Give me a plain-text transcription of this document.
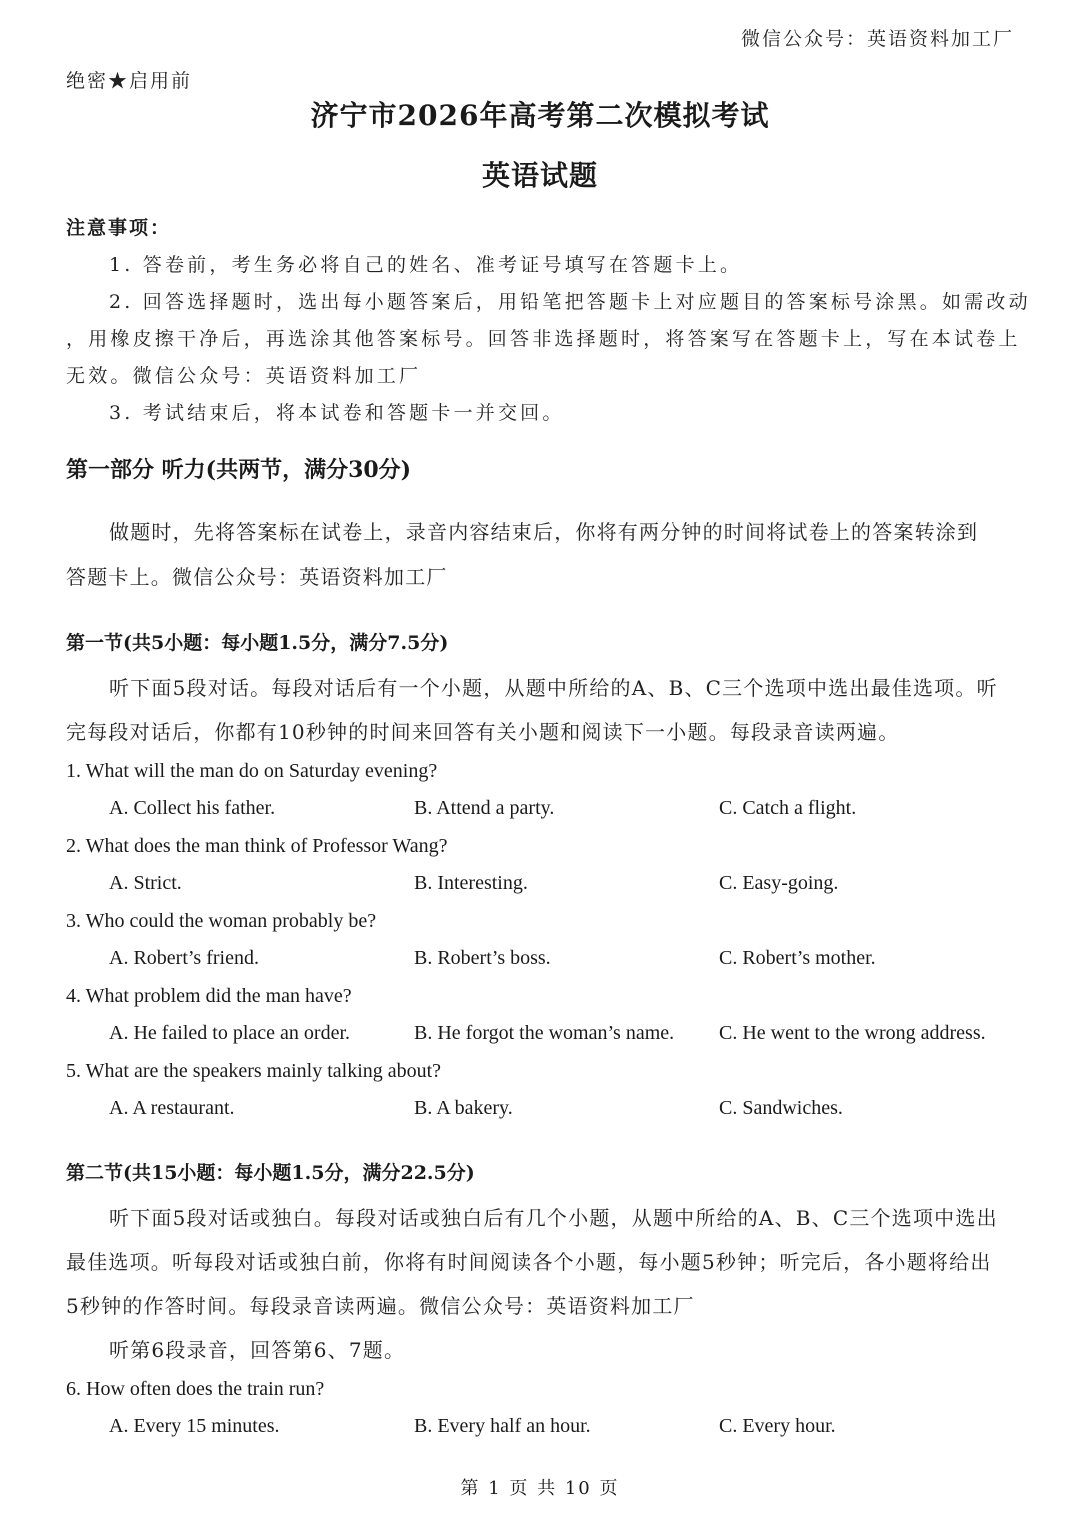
微信公众号：英语资料加工厂
绝密★启用前
济宁市2026年高考第二次模拟考试
英语试题
注意事项：
1. 答卷前，考生务必将自己的姓名、准考证号填写在答题卡上。
2. 回答选择题时，选出每小题答案后，用铅笔把答题卡上对应题目的答案标号涂黑。如需改动
，用橡皮擦干净后，再选涂其他答案标号。回答非选择题时，将答案写在答题卡上，写在本试卷上
无效。微信公众号：英语资料加工厂
3. 考试结束后，将本试卷和答题卡一并交回。
第一部分 听力(共两节，满分30分)
做题时，先将答案标在试卷上，录音内容结束后，你将有两分钟的时间将试卷上的答案转涂到
答题卡上。微信公众号：英语资料加工厂
第一节(共5小题：每小题1.5分，满分7.5分)
听下面5段对话。每段对话后有一个小题，从题中所给的A、B、C三个选项中选出最佳选项。听
完每段对话后，你都有10秒钟的时间来回答有关小题和阅读下一小题。每段录音读两遍。
1. What will the man do on Saturday evening?
A. Collect his father.	B. Attend a party.	C. Catch a flight.
2. What does the man think of Professor Wang?
A. Strict.	B. Interesting.	C. Easy-going.
3. Who could the woman probably be?
A. Robert’s friend.	B. Robert’s boss.	C. Robert’s mother.
4. What problem did the man have?
A. He failed to place an order.	B. He forgot the woman’s name. C. He went to the wrong address.
5. What are the speakers mainly talking about?
A. A restaurant.	B. A bakery.	C. Sandwiches.
第二节(共15小题：每小题1.5分，满分22.5分)
听下面5段对话或独白。每段对话或独白后有几个小题，从题中所给的A、B、C三个选项中选出
最佳选项。听每段对话或独白前，你将有时间阅读各个小题，每小题5秒钟；听完后，各小题将给出
5秒钟的作答时间。每段录音读两遍。微信公众号：英语资料加工厂
听第6段录音，回答第6、7题。
6. How often does the train run?
A. Every 15 minutes.	B. Every half an hour.	C. Every hour.
第 1 页 共 10 页
